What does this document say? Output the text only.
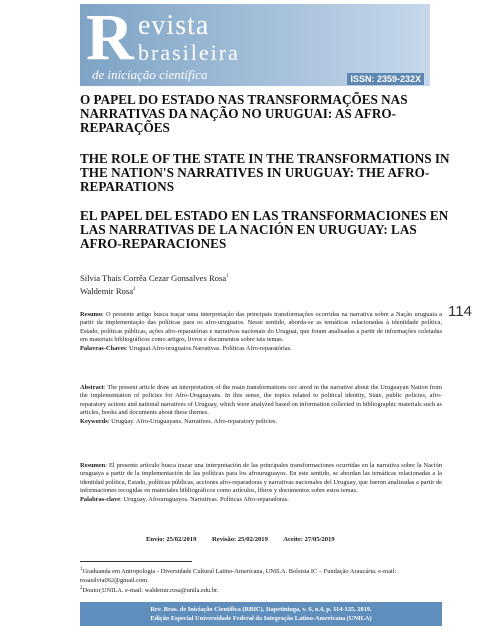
R evista
brasileira
de iniciação científica	ISSN: 2359-232X
O PAPEL DO ESTADO NAS TRANSFORMAÇÕES NAS NARRATIVAS DA NAÇÃO NO URUGUAI: AS AFRO-REPARAÇÕES
THE ROLE OF THE STATE IN THE TRANSFORMATIONS IN THE NATION'S NARRATIVES IN URUGUAY: THE AFRO-REPARATIONS
EL PAPEL DEL ESTADO EN LAS TRANSFORMACIONES EN LAS NARRATIVAS DE LA NACIÓN EN URUGUAY: LAS AFRO-REPARACIONES
Silvia Thais Corrêa Cezar Gonsalves Rosa$^1$
Waldemir Rosa$^2$
114
Resumo: O presente artigo busca traçar uma interpretação das principais transformações ocorridas na narrativa sobre a Nação uruguaia a partir da implementação das políticas para os afro-uruguaios. Nesse sentido, aborda-se as temáticas relacionadas à identidade política, Estado, políticas públicas, ações afro-reparatórias e narrativas nacionais do Uruguai, que foram analisadas a partir de informações coletadas em materiais bibliográficos como artigos, livros e documentos sobre tais temas.
Palavras-Chaves: Uruguai.Afro-uruguaios.Narrativas. Políticas Afro-reparatórias.
Abstract: The present article draw an interpretation of the main transformations occ arred in the narrative about the Uruguayan Nation from the implementation of policies for Afro-Uruguayans. In this sense, the topics related to political identity, State, public policies, afro-reparatory actions and national narratives of Uruguay, which were analyzed based on information collected in bibliographic materials such as articles, books and documents about these themes.
Keywords: Uruguay. Afro-Uruguayans. Narratives. Afro-reparatory policies.
Resumen: El presente artículo busca trazar una interpretación de las principales transformaciones ocurridas en la narrativa sobre la Nación uruguaya a partir de la implementación de las políticas para los afrouruguayos. En este sentido, se abordan las temáticas relacionadas a la identidad política, Estado, políticas públicas, acciones afro-reparadoras y narrativas nacionales del Uruguay, que fueron analizadas a partir de informaciones recogidas en materiales bibliográficos como artículos, libros y documentos sobre estos temas.
Palabras-clave: Uruguay. Afrouruguayos. Narrativas. Políticas Afro-reparadoras.
Envio: 25/02/2019 Revisão: 25/02/2019 Aceite: 27/05/2019
$^1$Graduanda em Antropologia - Diversidade Cultural Latino-Americana, UNILA. Bolsista IC – Fundação Araucária. e-mail: rosasilvia062@gmail.com.
$^2$Doutor,UNILA. e-mail: waldemir.rosa@unila.edu.br.
Rev. Bras. de Iniciação Científica (RBIC), Itapetininga, v. 6, n.4, p. 114-125, 2019.
Edição Especial Universidade Federal da Integração Latino-Americana (UNILA)
